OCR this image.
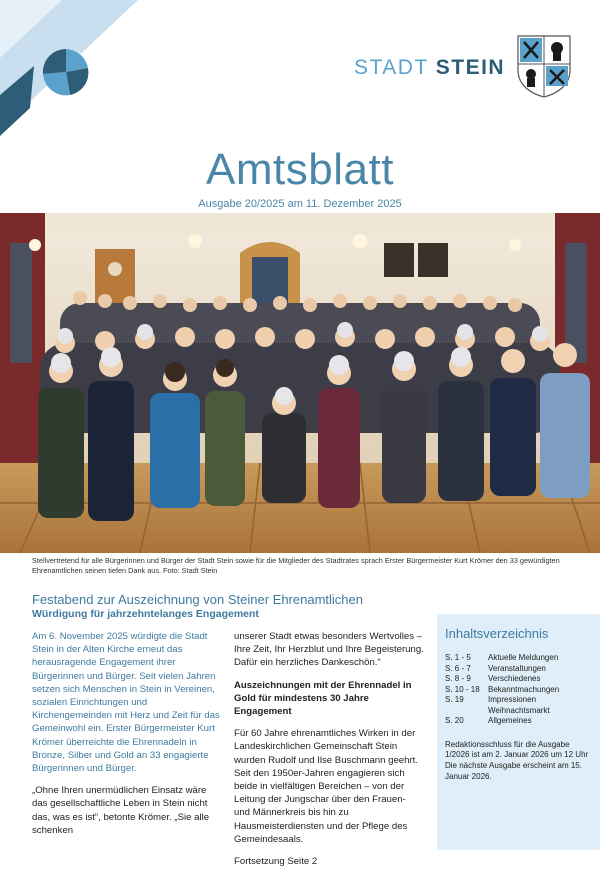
STADT STEIN
Amtsblatt
Ausgabe 20/2025 am 11. Dezember 2025
Stellvertretend für alle Bürgerinnen und Bürger der Stadt Stein sowie für die Mitglieder des Stadtrates sprach Erster Bürgermeister Kurt Krömer den 33 gewürdigten Ehrenamtlichen seinen tiefen Dank aus. Foto: Stadt Stein
Festabend zur Auszeichnung von Steiner Ehrenamtlichen
Würdigung für jahrzehntelanges Engagement

Am 6. November 2025 würdigte die Stadt Stein in der Alten Kirche erneut das herausragende Engagement ihrer Bürgerinnen und Bürger. Seit vielen Jahren setzen sich Menschen in Stein in Vereinen, sozialen Einrichtungen und Kirchengemeinden mit Herz und Zeit für das Gemeinwohl ein. Erster Bürgermeister Kurt Krömer überreichte die Ehrennadeln in Bronze, Silber und Gold an 33 engagierte Bürgerinnen und Bürger.

„Ohne Ihren unermüdlichen Einsatz wäre das gesellschaftliche Leben in Stein nicht das, was es ist“, betonte Krömer. „Sie alle schenken

unserer Stadt etwas besonders Wertvolles – Ihre Zeit, Ihr Herzblut und Ihre Begeisterung. Dafür ein herzliches Dankeschön.“

Auszeichnungen mit der Ehrennadel in Gold für mindestens 30 Jahre Engagement

Für 60 Jahre ehrenamtliches Wirken in der Landeskirchlichen Gemeinschaft Stein wurden Rudolf und Ilse Buschmann geehrt. Seit den 1950er-Jahren engagieren sich beide in vielfältigen Bereichen – von der Leitung der Jungschar über den Frauen- und Männerkreis bis hin zu Hausmeisterdiensten und der Pflege des Gemeindesaals.

Fortsetzung Seite 2

Inhaltsverzeichnis
S. 1 - 5	Aktuelle Meldungen
S. 6 - 7	Veranstaltungen
S. 8 - 9	Verschiedenes
S. 10 - 18	Bekanntmachungen
S. 19	Impressionen Weihnachtsmarkt
S. 20	Allgemeines

Redaktionsschluss für die Ausgabe 1/2026 ist am 2. Januar 2026 um 12 Uhr Die nächste Ausgabe erscheint am 15. Januar 2026.
